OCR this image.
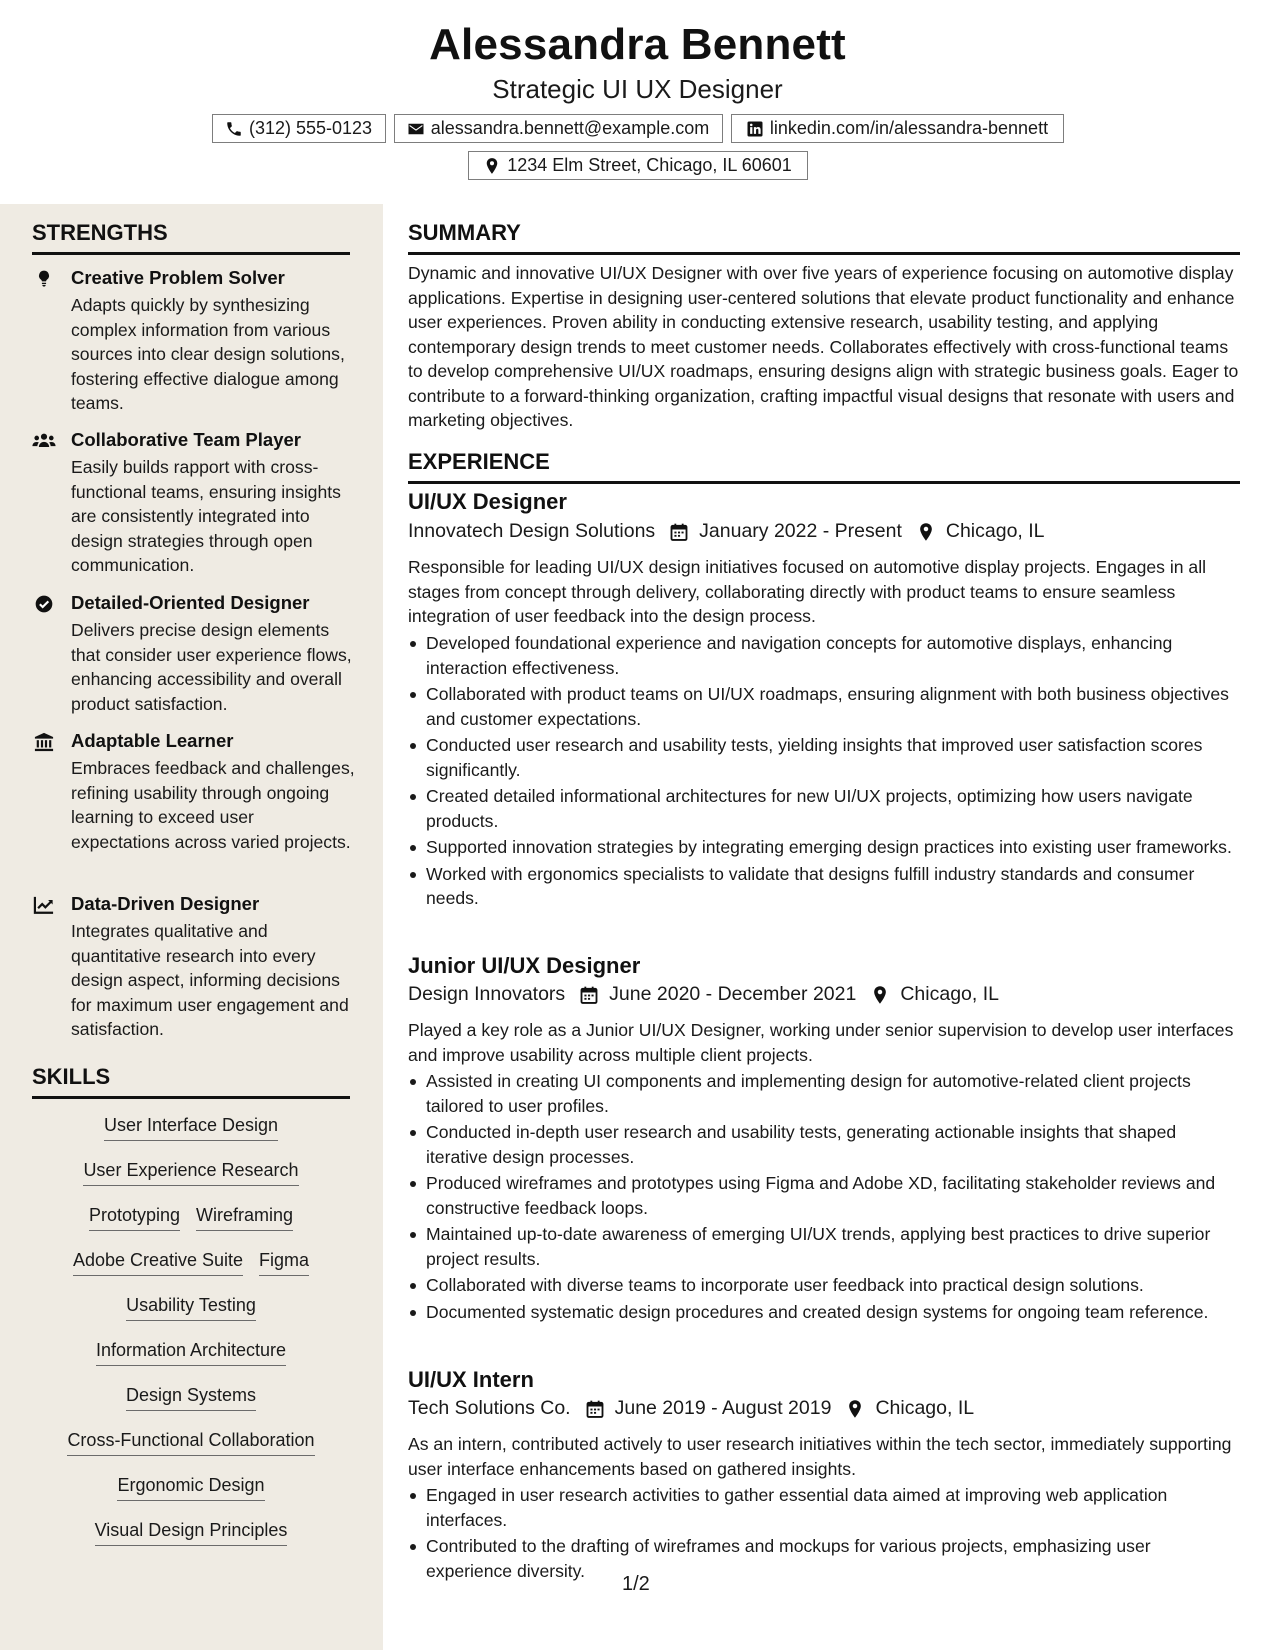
Alessandra Bennett
Strategic UI UX Designer
(312) 555-0123	alessandra.bennett@example.com	linkedin.com/in/alessandra-bennett
1234 Elm Street, Chicago, IL 60601
STRENGTHS
Creative Problem Solver
Adapts quickly by synthesizing complex information from various sources into clear design solutions, fostering effective dialogue among teams.
Collaborative Team Player
Easily builds rapport with cross-functional teams, ensuring insights are consistently integrated into design strategies through open communication.
Detailed-Oriented Designer
Delivers precise design elements that consider user experience flows, enhancing accessibility and overall product satisfaction.
Adaptable Learner
Embraces feedback and challenges, refining usability through ongoing learning to exceed user expectations across varied projects.
Data-Driven Designer
Integrates qualitative and quantitative research into every design aspect, informing decisions for maximum user engagement and satisfaction.
SKILLS
User Interface Design
User Experience Research
Prototyping Wireframing
Adobe Creative Suite Figma
Usability Testing
Information Architecture
Design Systems
Cross-Functional Collaboration
Ergonomic Design
Visual Design Principles
SUMMARY
Dynamic and innovative UI/UX Designer with over five years of experience focusing on automotive display applications. Expertise in designing user-centered solutions that elevate product functionality and enhance user experiences. Proven ability in conducting extensive research, usability testing, and applying contemporary design trends to meet customer needs. Collaborates effectively with cross-functional teams to develop comprehensive UI/UX roadmaps, ensuring designs align with strategic business goals. Eager to contribute to a forward-thinking organization, crafting impactful visual designs that resonate with users and marketing objectives.
EXPERIENCE
UI/UX Designer
Innovatech Design Solutions January 2022 - Present Chicago, IL
Responsible for leading UI/UX design initiatives focused on automotive display projects. Engages in all stages from concept through delivery, collaborating directly with product teams to ensure seamless integration of user feedback into the design process.
Developed foundational experience and navigation concepts for automotive displays, enhancing interaction effectiveness.
Collaborated with product teams on UI/UX roadmaps, ensuring alignment with both business objectives and customer expectations.
Conducted user research and usability tests, yielding insights that improved user satisfaction scores significantly.
Created detailed informational architectures for new UI/UX projects, optimizing how users navigate products.
Supported innovation strategies by integrating emerging design practices into existing user frameworks.
Worked with ergonomics specialists to validate that designs fulfill industry standards and consumer needs.
Junior UI/UX Designer
Design Innovators June 2020 - December 2021 Chicago, IL
Played a key role as a Junior UI/UX Designer, working under senior supervision to develop user interfaces and improve usability across multiple client projects.
Assisted in creating UI components and implementing design for automotive-related client projects tailored to user profiles.
Conducted in-depth user research and usability tests, generating actionable insights that shaped iterative design processes.
Produced wireframes and prototypes using Figma and Adobe XD, facilitating stakeholder reviews and constructive feedback loops.
Maintained up-to-date awareness of emerging UI/UX trends, applying best practices to drive superior project results.
Collaborated with diverse teams to incorporate user feedback into practical design solutions.
Documented systematic design procedures and created design systems for ongoing team reference.
UI/UX Intern
Tech Solutions Co. June 2019 - August 2019 Chicago, IL
As an intern, contributed actively to user research initiatives within the tech sector, immediately supporting user interface enhancements based on gathered insights.
Engaged in user research activities to gather essential data aimed at improving web application interfaces.
Contributed to the drafting of wireframes and mockups for various projects, emphasizing user experience diversity.
1/2
